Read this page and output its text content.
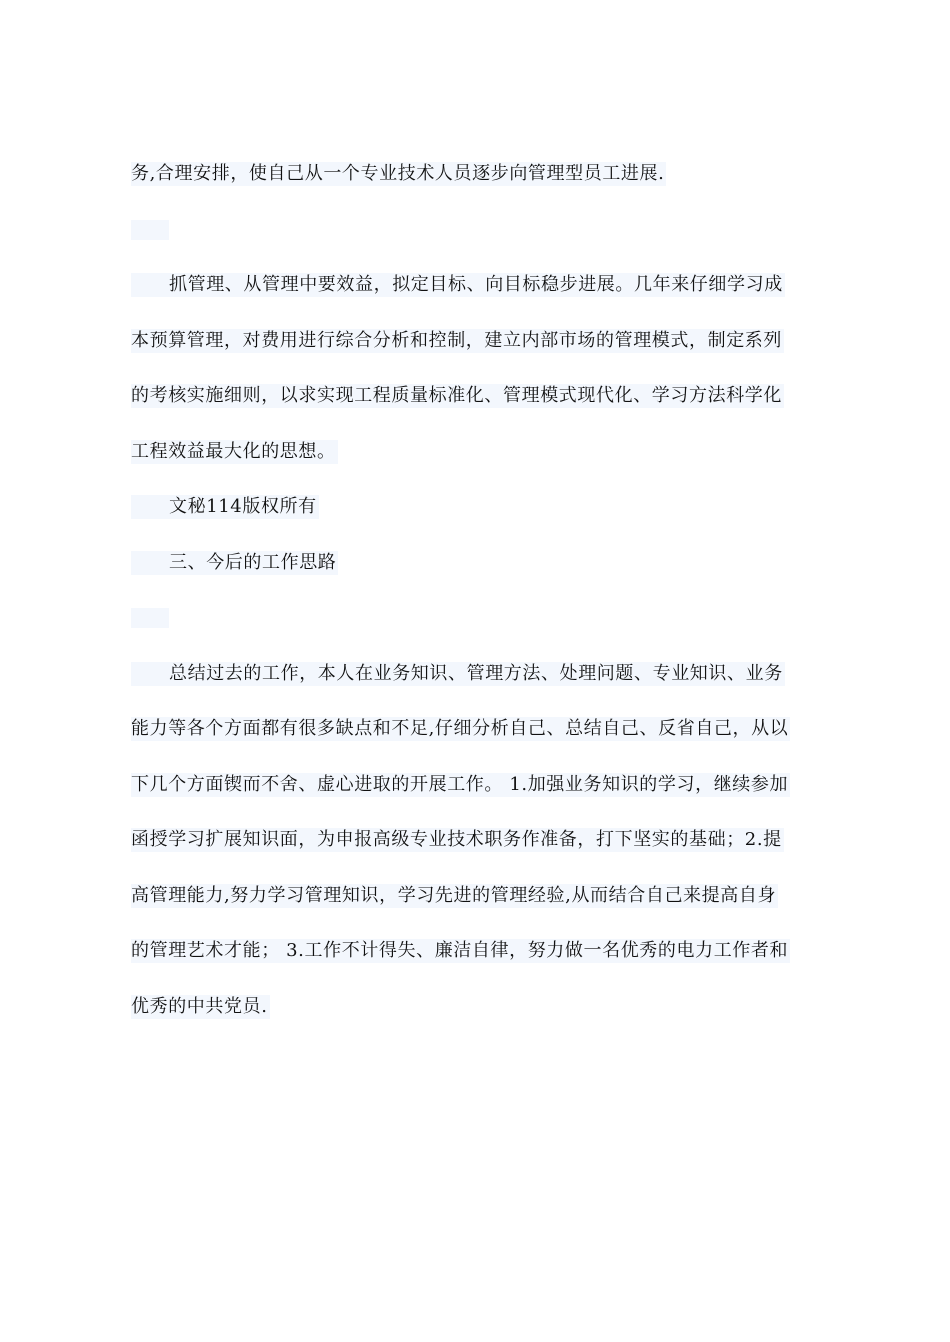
务,合理安排，使自己从一个专业技术人员逐步向管理型员工进展.
抓管理、从管理中要效益，拟定目标、向目标稳步进展。几年来仔细学习成
本预算管理，对费用进行综合分析和控制，建立内部市场的管理模式，制定系列
的考核实施细则，以求实现工程质量标准化、管理模式现代化、学习方法科学化
工程效益最大化的思想。
文秘114版权所有
三、今后的工作思路
总结过去的工作，本人在业务知识、管理方法、处理问题、专业知识、业务
能力等各个方面都有很多缺点和不足,仔细分析自己、总结自己、反省自己，从以
下几个方面锲而不舍、虚心进取的开展工作。 1.加强业务知识的学习，继续参加
函授学习扩展知识面，为申报高级专业技术职务作准备，打下坚实的基础；2.提
高管理能力,努力学习管理知识，学习先进的管理经验,从而结合自己来提高自身
的管理艺术才能； 3.工作不计得失、廉洁自律，努力做一名优秀的电力工作者和
优秀的中共党员.
